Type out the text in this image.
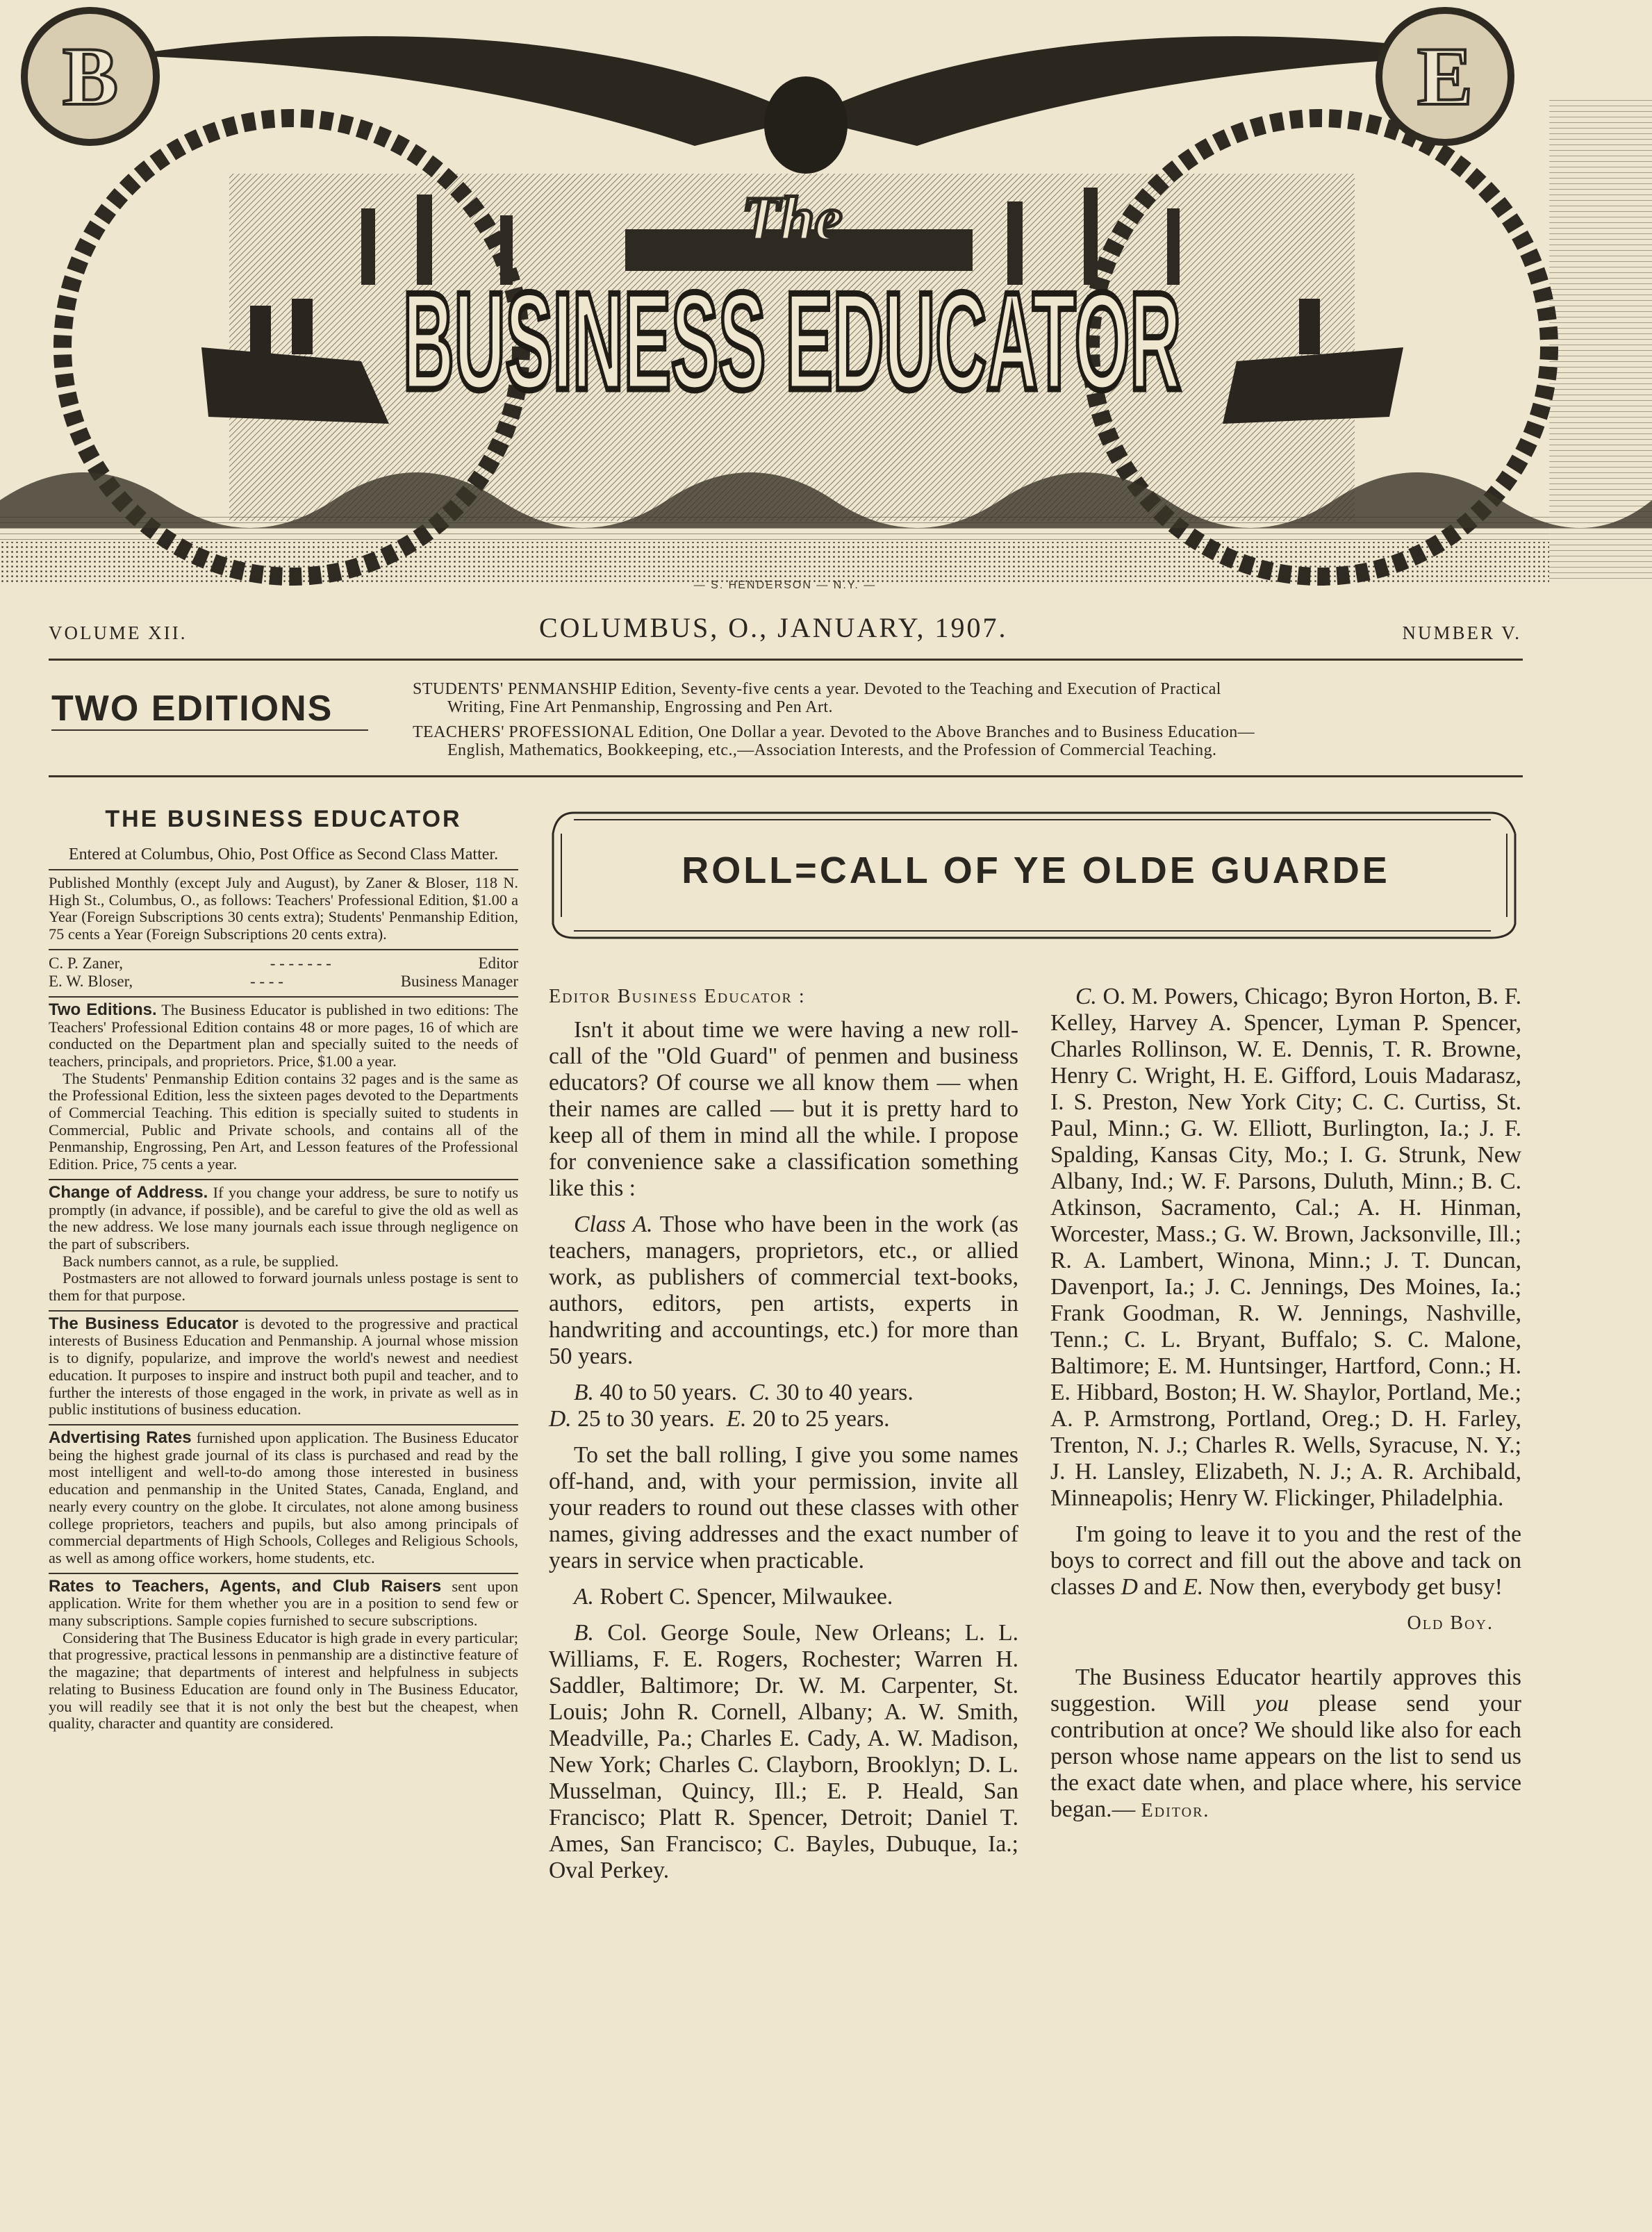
B	E
The
BUSINESS EDUCATOR
— S. HENDERSON — N.Y. —
VOLUME XII.	COLUMBUS, O., JANUARY, 1907.	NUMBER V.
TWO EDITIONS	STUDENTS' PENMANSHIP Edition, Seventy-five cents a year. Devoted to the Teaching and Execution of Practical
Writing, Fine Art Penmanship, Engrossing and Pen Art.
TEACHERS' PROFESSIONAL Edition, One Dollar a year. Devoted to the Above Branches and to Business Education—
English, Mathematics, Bookkeeping, etc.,—Association Interests, and the Profession of Commercial Teaching.
THE BUSINESS EDUCATOR
Entered at Columbus, Ohio, Post Office as Second Class Matter.

Published Monthly (except July and August), by Zaner & Bloser, 118 N. High St., Columbus, O., as follows: Teachers' Professional Edition, $1.00 a Year (Foreign Subscriptions 30 cents extra); Students' Penmanship Edition, 75 cents a Year (Foreign Subscriptions 20 cents extra).

C. P. Zaner,	- - - - - - -	Editor
E. W. Bloser,	- - - -	Business Manager

Two Editions. The Business Educator is published in two editions: The Teachers' Professional Edition contains 48 or more pages, 16 of which are conducted on the Department plan and specially suited to the needs of teachers, principals, and proprietors. Price, $1.00 a year.

The Students' Penmanship Edition contains 32 pages and is the same as the Professional Edition, less the sixteen pages devoted to the Departments of Commercial Teaching. This edition is specially suited to students in Commercial, Public and Private schools, and contains all of the Penmanship, Engrossing, Pen Art, and Lesson features of the Professional Edition. Price, 75 cents a year.

Change of Address. If you change your address, be sure to notify us promptly (in advance, if possible), and be careful to give the old as well as the new address. We lose many journals each issue through negligence on the part of subscribers.

Back numbers cannot, as a rule, be supplied.

Postmasters are not allowed to forward journals unless postage is sent to them for that purpose.

The Business Educator is devoted to the progressive and practical interests of Business Education and Penmanship. A journal whose mission is to dignify, popularize, and improve the world's newest and neediest education. It purposes to inspire and instruct both pupil and teacher, and to further the interests of those engaged in the work, in private as well as in public institutions of business education.

Advertising Rates furnished upon application. The Business Educator being the highest grade journal of its class is purchased and read by the most intelligent and well-to-do among those interested in business education and penmanship in the United States, Canada, England, and nearly every country on the globe. It circulates, not alone among business college proprietors, teachers and pupils, but also among principals of commercial departments of High Schools, Colleges and Religious Schools, as well as among office workers, home students, etc.

Rates to Teachers, Agents, and Club Raisers sent upon application. Write for them whether you are in a position to send few or many subscriptions. Sample copies furnished to secure subscriptions.

Considering that The Business Educator is high grade in every particular; that progressive, practical lessons in penmanship are a distinctive feature of the magazine; that departments of interest and helpfulness in subjects relating to Business Education are found only in The Business Educator, you will readily see that it is not only the best but the cheapest, when quality, character and quantity are considered.

ROLL=CALL OF YE OLDE GUARDE

Editor Business Educator :

Isn't it about time we were having a new roll-call of the "Old Guard" of penmen and business educators? Of course we all know them — when their names are called — but it is pretty hard to keep all of them in mind all the while. I propose for convenience sake a classification something like this :

Class A. Those who have been in the work (as teachers, managers, proprietors, etc., or allied work, as publishers of commercial text-books, authors, editors, pen artists, experts in handwriting and accountings, etc.) for more than 50 years.

B. 40 to 50 years. C. 30 to 40 years.

D. 25 to 30 years. E. 20 to 25 years.

To set the ball rolling, I give you some names off-hand, and, with your permission, invite all your readers to round out these classes with other names, giving addresses and the exact number of years in service when practicable.

A. Robert C. Spencer, Milwaukee.

B. Col. George Soule, New Orleans; L. L. Williams, F. E. Rogers, Rochester; Warren H. Saddler, Baltimore; Dr. W. M. Carpenter, St. Louis; John R. Cornell, Albany; A. W. Smith, Meadville, Pa.; Charles E. Cady, A. W. Madison, New York; Charles C. Clayborn, Brooklyn; D. L. Musselman, Quincy, Ill.; E. P. Heald, San Francisco; Platt R. Spencer, Detroit; Daniel T. Ames, San Francisco; C. Bayles, Dubuque, Ia.; Oval Perkey.

C. O. M. Powers, Chicago; Byron Horton, B. F. Kelley, Harvey A. Spencer, Lyman P. Spencer, Charles Rollinson, W. E. Dennis, T. R. Browne, Henry C. Wright, H. E. Gifford, Louis Madarasz, I. S. Preston, New York City; C. C. Curtiss, St. Paul, Minn.; G. W. Elliott, Burlington, Ia.; J. F. Spalding, Kansas City, Mo.; I. G. Strunk, New Albany, Ind.; W. F. Parsons, Duluth, Minn.; B. C. Atkinson, Sacramento, Cal.; A. H. Hinman, Worcester, Mass.; G. W. Brown, Jacksonville, Ill.; R. A. Lambert, Winona, Minn.; J. T. Duncan, Davenport, Ia.; J. C. Jennings, Des Moines, Ia.; Frank Goodman, R. W. Jennings, Nashville, Tenn.; C. L. Bryant, Buffalo; S. C. Malone, Baltimore; E. M. Huntsinger, Hartford, Conn.; H. E. Hibbard, Boston; H. W. Shaylor, Portland, Me.; A. P. Armstrong, Portland, Oreg.; D. H. Farley, Trenton, N. J.; Charles R. Wells, Syracuse, N. Y.; J. H. Lansley, Elizabeth, N. J.; A. R. Archibald, Minneapolis; Henry W. Flickinger, Philadelphia.

I'm going to leave it to you and the rest of the boys to correct and fill out the above and tack on classes D and E. Now then, everybody get busy!

Old Boy.

The Business Educator heartily approves this suggestion. Will you please send your contribution at once? We should like also for each person whose name appears on the list to send us the exact date when, and place where, his service began.— Editor.
